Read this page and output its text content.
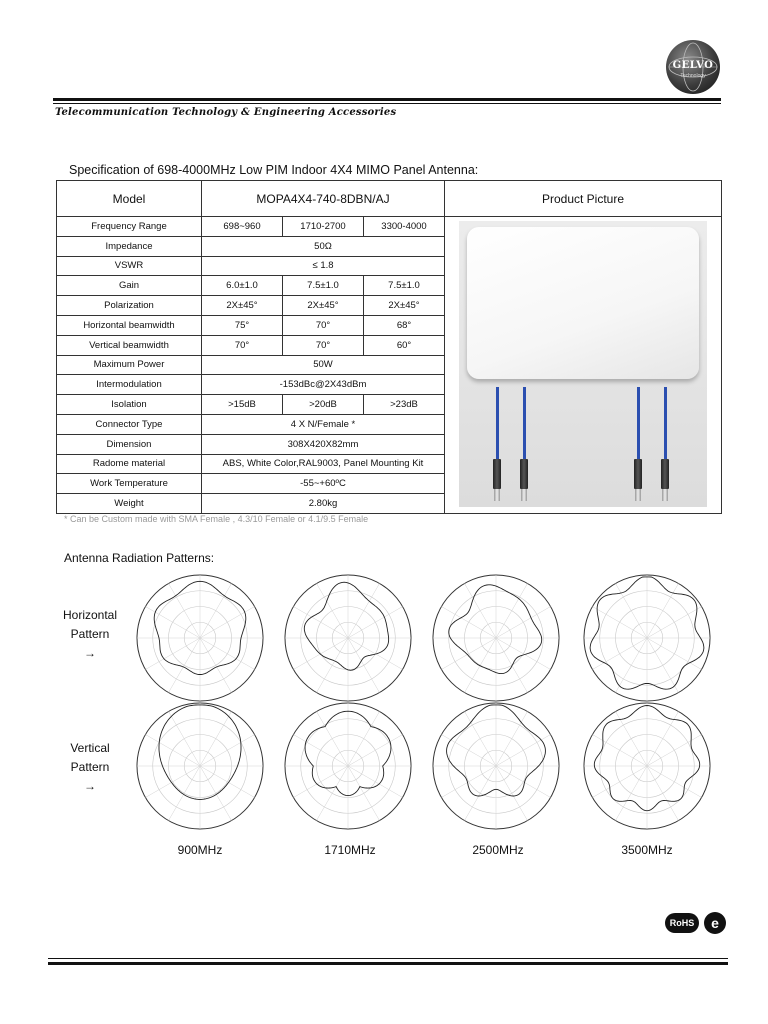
GELVO
Technology
Telecommunication Technology & Engineering Accessories
Specification of 698-4000MHz Low PIM Indoor 4X4 MIMO Panel Antenna:
Model	MOPA4X4-740-8DBN/AJ			Product Picture
Frequency Range	698~960	1710-2700	3300-4000	
Impedance	50Ω			
VSWR	≤ 1.8			
Gain	6.0±1.0	7.5±1.0	7.5±1.0	
Polarization	2X±45°	2X±45°	2X±45°	
Horizontal beamwidth	75°	70°	68°	
Vertical beamwidth	70°	70°	60°	
Maximum Power	50W			
Intermodulation	-153dBc@2X43dBm			
Isolation	>15dB	>20dB	>23dB	
Connector Type	4 X N/Female *			
Dimension	308X420X82mm			
Radome material	ABS, White Color,RAL9003, Panel Mounting Kit			
Work Temperature	-55~+60ºC			
Weight	2.80kg			
* Can be Custom made with SMA Female , 4.3/10 Female or 4.1/9.5 Female
Antenna Radiation Patterns:
Horizontal
Pattern
→
Vertical
Pattern
→
900MHz	1710MHz	2500MHz	3500MHz
RoHS	e
